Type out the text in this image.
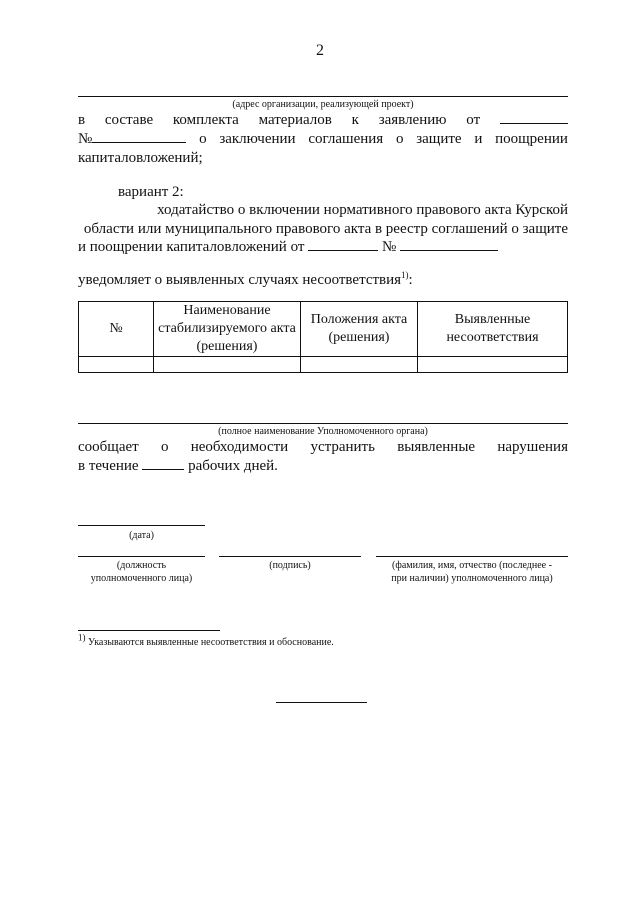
2
(адрес организации, реализующей проект)
в составе комплекта материалов к заявлению от
№	о заключении соглашения о защите и поощрении
капиталовложений;
вариант 2:
ходатайство о включении нормативного правового акта Курской
области или муниципального правового акта в реестр соглашений о защите
и поощрении капиталовложений от	№
уведомляет о выявленных случаях несоответствия$^{1)}$:
№	Наименование стабилизируемого акта (решения)	Положения акта (решения)	Выявленные несоответствия

(полное наименование Уполномоченного органа)
сообщает о необходимости устранить выявленные нарушения
в течение	рабочих дней.
(дата)
(должность уполномоченного лица)
(подпись)	(фамилия, имя, отчество (последнее - при наличии) уполномоченного лица)
$^{1)}$ Указываются выявленные несоответствия и обоснование.
